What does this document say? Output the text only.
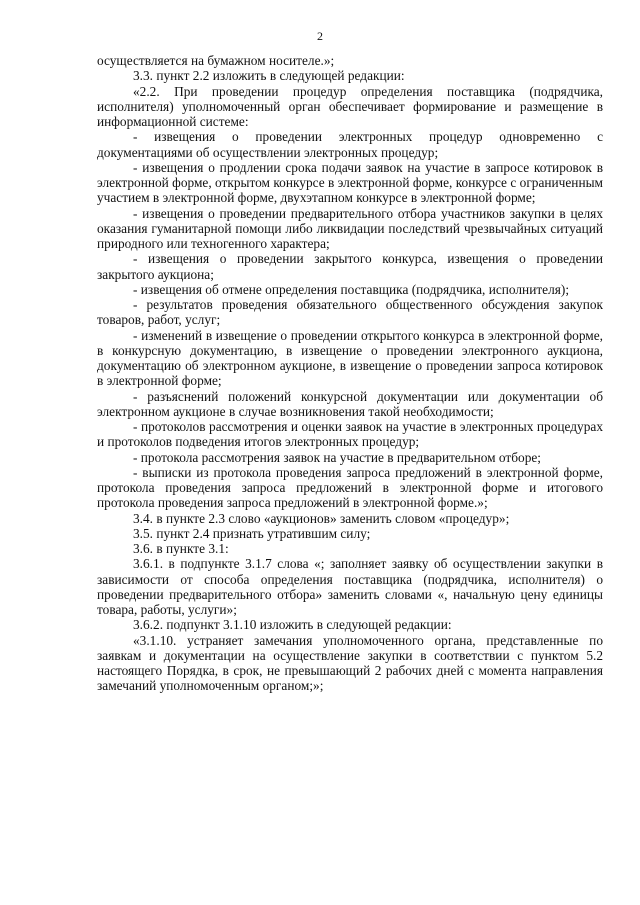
2

осуществляется на бумажном носителе.»;

3.3. пункт 2.2 изложить в следующей редакции:

«2.2. При проведении процедур определения поставщика (подрядчика, исполнителя) уполномоченный орган обеспечивает формирование и размещение в информационной системе:

- извещения о проведении электронных процедур одновременно с документациями об осуществлении электронных процедур;

- извещения о продлении срока подачи заявок на участие в запросе котировок в электронной форме, открытом конкурсе в электронной форме, конкурсе с ограниченным участием в электронной форме, двухэтапном конкурсе в электронной форме;

- извещения о проведении предварительного отбора участников закупки в целях оказания гуманитарной помощи либо ликвидации последствий чрезвычайных ситуаций природного или техногенного характера;

- извещения о проведении закрытого конкурса, извещения о проведении закрытого аукциона;

- извещения об отмене определения поставщика (подрядчика, исполнителя);

- результатов проведения обязательного общественного обсуждения закупок товаров, работ, услуг;

- изменений в извещение о проведении открытого конкурса в электронной форме, в конкурсную документацию, в извещение о проведении электронного аукциона, документацию об электронном аукционе, в извещение о проведении запроса котировок в электронной форме;

- разъяснений положений конкурсной документации или документации об электронном аукционе в случае возникновения такой необходимости;

- протоколов рассмотрения и оценки заявок на участие в электронных процедурах и протоколов подведения итогов электронных процедур;

- протокола рассмотрения заявок на участие в предварительном отборе;

- выписки из протокола проведения запроса предложений в электронной форме, протокола проведения запроса предложений в электронной форме и итогового протокола проведения запроса предложений в электронной форме.»;

3.4. в пункте 2.3 слово «аукционов» заменить словом «процедур»;

3.5. пункт 2.4 признать утратившим силу;

3.6. в пункте 3.1:

3.6.1. в подпункте 3.1.7 слова «; заполняет заявку об осуществлении закупки в зависимости от способа определения поставщика (подрядчика, исполнителя) о проведении предварительного отбора» заменить словами «, начальную цену единицы товара, работы, услуги»;

3.6.2. подпункт 3.1.10 изложить в следующей редакции:

«3.1.10. устраняет замечания уполномоченного органа, представленные по заявкам и документации на осуществление закупки в соответствии с пунктом 5.2 настоящего Порядка, в срок, не превышающий 2 рабочих дней с момента направления замечаний уполномоченным органом;»;
